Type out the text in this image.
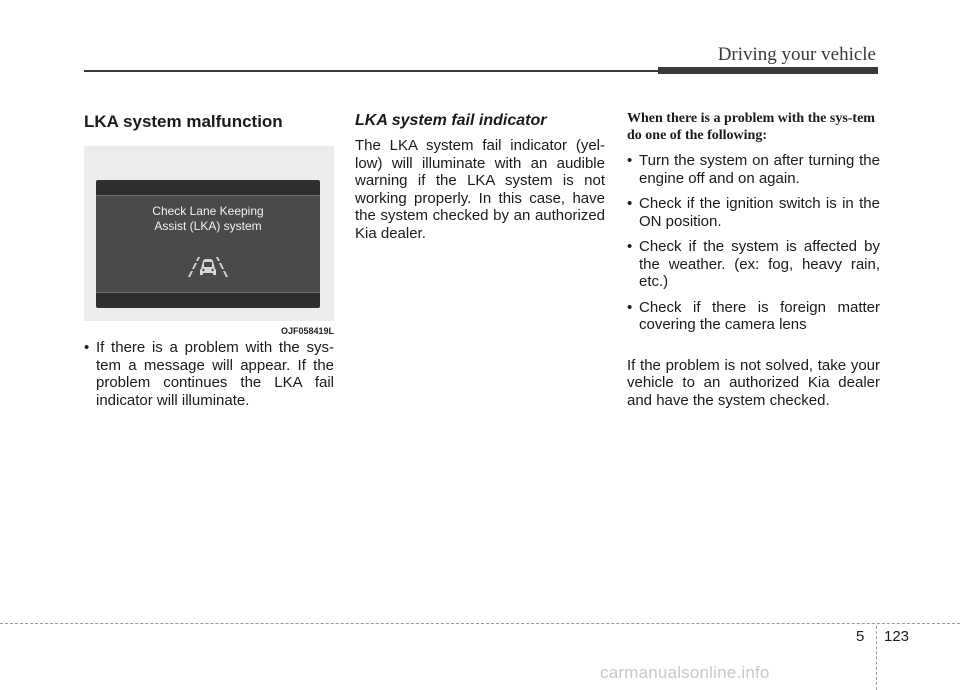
Driving your vehicle
LKA system malfunction
Check Lane Keeping
Assist (LKA) system
OJF058419L
• If there is a problem with the sys-tem a message will appear. If the problem continues the LKA fail indicator will illuminate.
LKA system fail indicator

The LKA system fail indicator (yel-low) will illuminate with an audible warning if the LKA system is not working properly. In this case, have the system checked by an authorized Kia dealer.

When there is a problem with the sys-tem do one of the following:
• Turn the system on after turning the engine off and on again.
• Check if the ignition switch is in the ON position.
• Check if the system is affected by the weather. (ex: fog, heavy rain, etc.)
• Check if there is foreign matter covering the camera lens

If the problem is not solved, take your vehicle to an authorized Kia dealer and have the system checked.

5 123
carmanualsonline.info
